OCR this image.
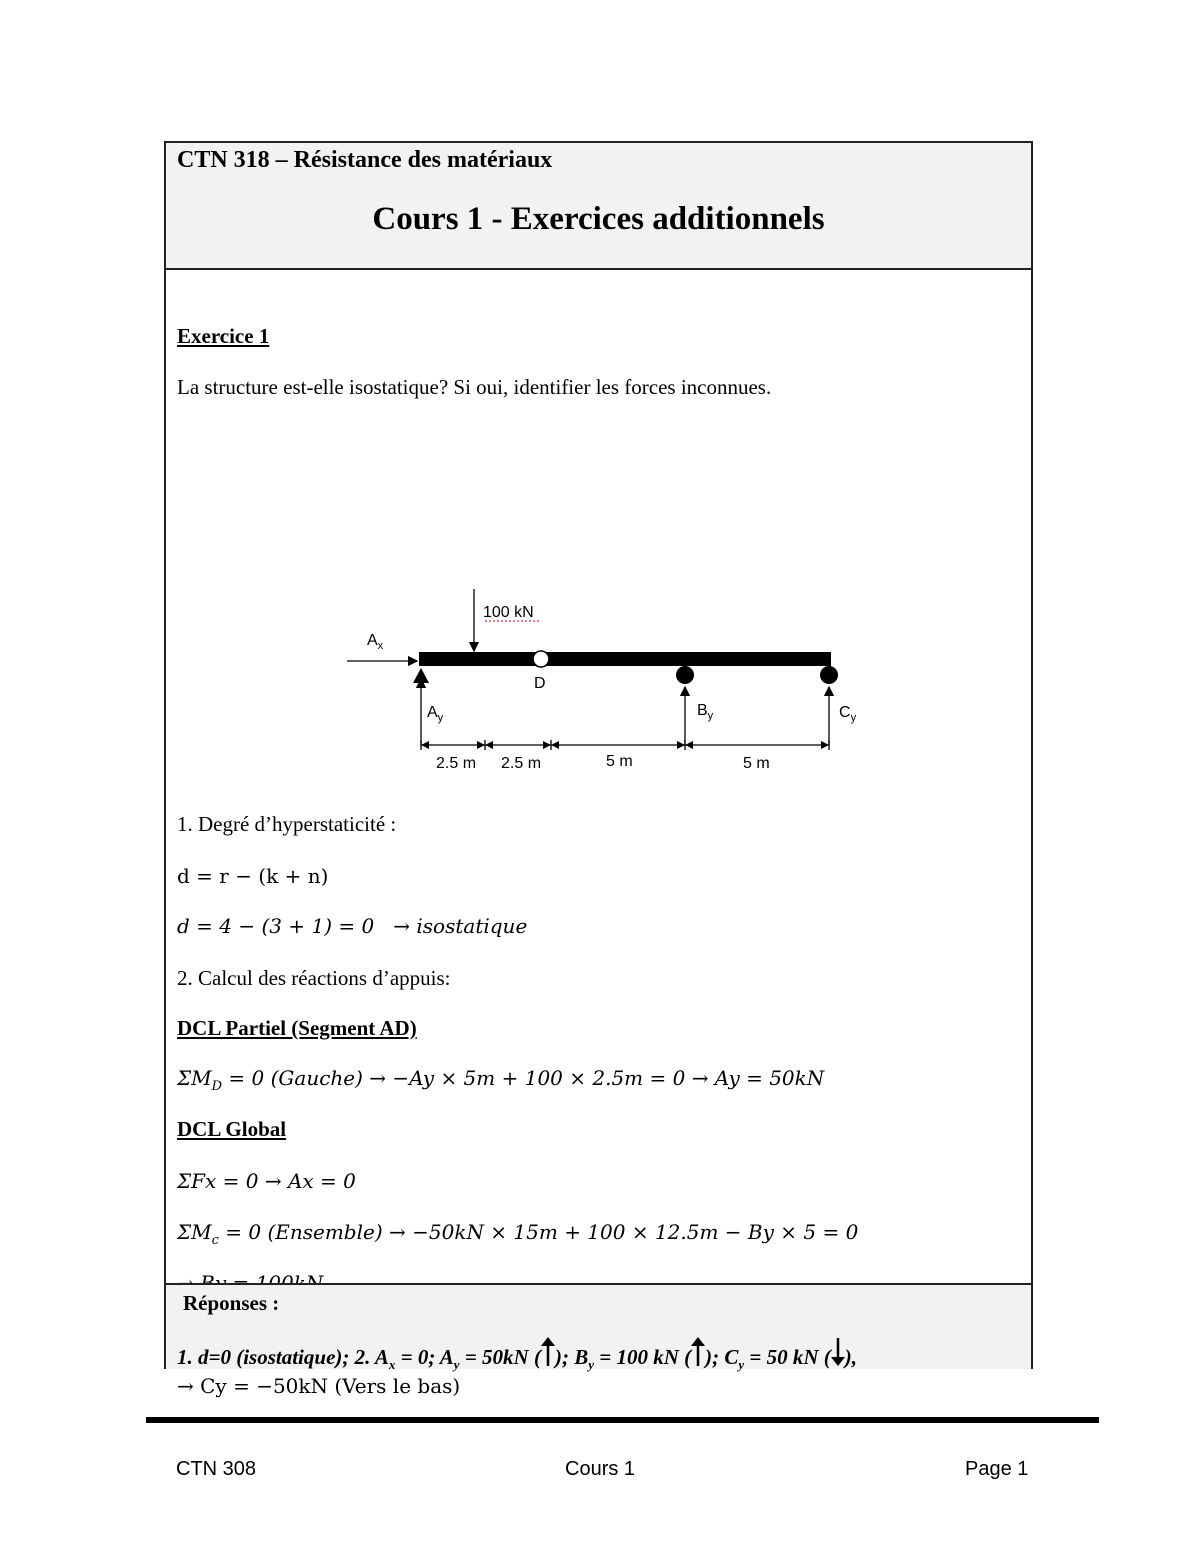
CTN 318 – Résistance des matériaux
Cours 1 - Exercices additionnels
Exercice 1
La structure est-elle isostatique? Si oui, identifier les forces inconnues.
100 kN
$A_x$
D
$A_y$	$B_y$	$C_y$
2.5 m 2.5 m	5 m	5 m
1. Degré d’hyperstaticité :
d = r − (k + n)
d = 4 − (3 + 1) = 0 → isostatique
2. Calcul des réactions d’appuis:
DCL Partiel (Segment AD)
$\Sigma M_D = 0$ (Gauche) → −Ay × 5m + 100 × 2.5m = 0 → Ay = 50kN
DCL Global
ΣFx = 0 → Ax = 0
$\Sigma M_c = 0$ (Ensemble) → −50kN × 15m + 100 × 12.5m − By × 5 = 0
→ Cy = −50kN (Vers le bas)
Réponses :
1. d=0 (isostatique); 2. $A_x = 0$; $A_y = 50kN$ ( ); $B_y = 100$ kN ( ); $C_y = 50$ kN ( ),
CTN 308	Cours 1	Page 1
